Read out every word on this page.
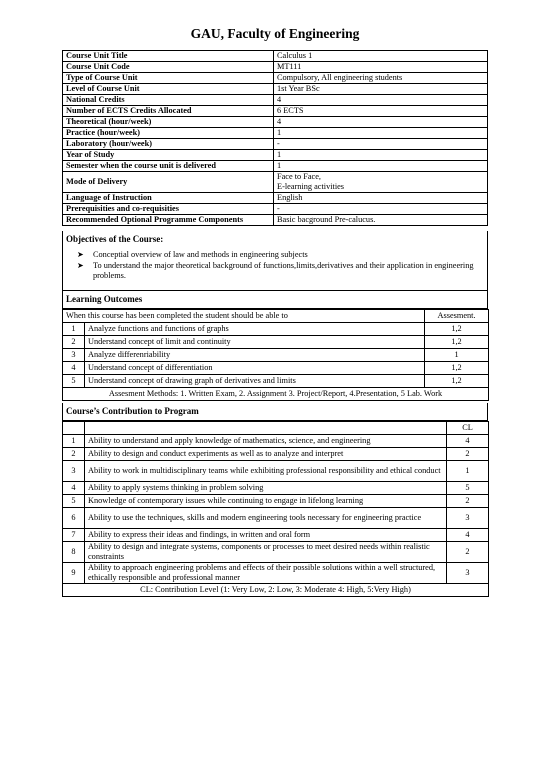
GAU, Faculty of Engineering
Course Unit Title	Calculus 1
Course Unit Code	MT111
Type of Course Unit	Compulsory, All engineering students
Level of Course Unit	1st Year BSc
National Credits	4
Number of ECTS Credits Allocated	6 ECTS
Theoretical (hour/week)	4
Practice (hour/week)	1
Laboratory (hour/week)	-
Year of Study	1
Semester when the course unit is delivered	1
Mode of Delivery	Face to Face,
E-learning activities

Language of Instruction	English
Prerequisities and co-requisities	-
Recommended Optional Programme Components	Basic bacground Pre-calucus.
Objectives of the Course:
➤ Conceptial overview of law and methods in engineering subjects
➤ To understand the major theoretical background of functions,limits,derivatives and their application in engineering problems.
Learning Outcomes
When this course has been completed the student should be able to		Assesment.
1	Analyze functions and functions of graphs	1,2
2	Understand concept of limit and continuity	1,2
3	Analyze differenriability	1
4	Understand concept of differentiation	1,2
5	Understand concept of drawing graph of derivatives and limits	1,2
Assesment Methods: 1. Written Exam, 2. Assignment 3. Project/Report, 4.Presentation, 5 Lab. Work		
Course’s Contribution to Program
		CL
1	Ability to understand and apply knowledge of mathematics, science, and engineering	4
2	Ability to design and conduct experiments as well as to analyze and interpret	2
3	Ability to work in multidisciplinary teams while exhibiting professional responsibility and ethical conduct	1
4	Ability to apply systems thinking in problem solving	5
5	Knowledge of contemporary issues while continuing to engage in lifelong learning	2
6	Ability to use the techniques, skills and modern engineering tools necessary for engineering practice	3
7	Ability to express their ideas and findings, in written and oral form	4
8	Ability to design and integrate systems, components or processes to meet desired needs within realistic constraints	2
9	Ability to approach engineering problems and effects of their possible solutions within a well structured, ethically responsible and professional manner	3
CL: Contribution Level (1: Very Low, 2: Low, 3: Moderate 4: High, 5:Very High)		
